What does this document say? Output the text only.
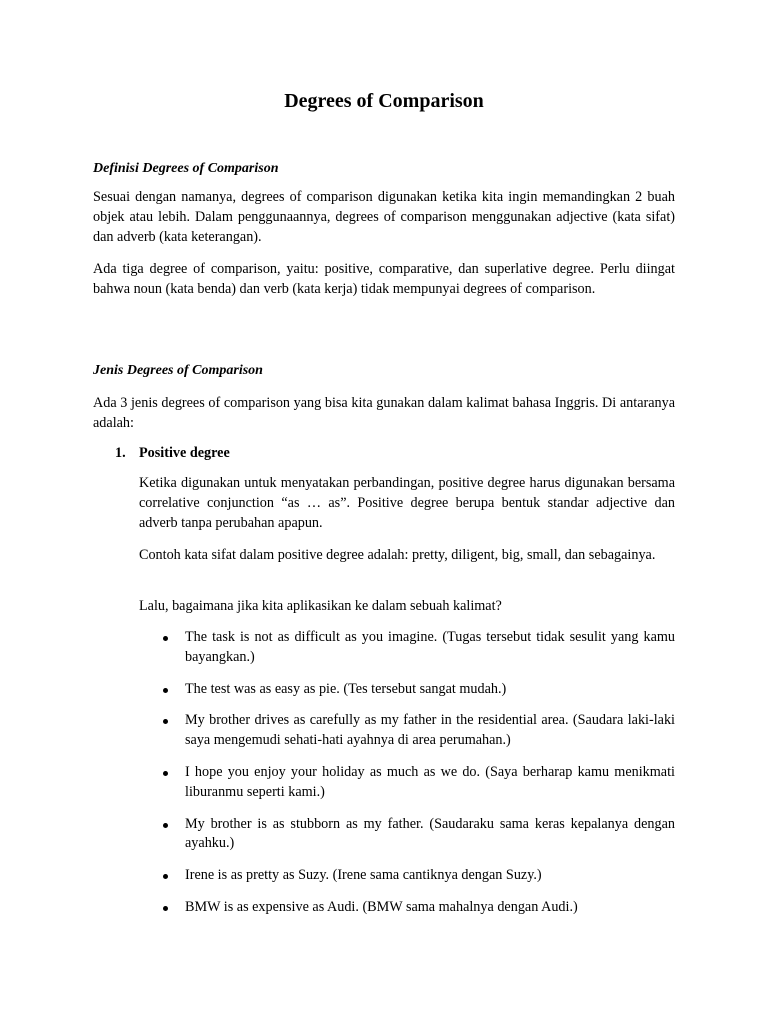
Degrees of Comparison
Definisi Degrees of Comparison

Sesuai dengan namanya, degrees of comparison digunakan ketika kita ingin memandingkan 2 buah objek atau lebih. Dalam penggunaannya, degrees of comparison menggunakan adjective (kata sifat) dan adverb (kata keterangan).

Ada tiga degree of comparison, yaitu: positive, comparative, dan superlative degree. Perlu diingat bahwa noun (kata benda) dan verb (kata kerja) tidak mempunyai degrees of comparison.

Jenis Degrees of Comparison

Ada 3 jenis degrees of comparison yang bisa kita gunakan dalam kalimat bahasa Inggris. Di antaranya adalah:

1. Positive degree

Ketika digunakan untuk menyatakan perbandingan, positive degree harus digunakan bersama correlative conjunction “as … as”. Positive degree berupa bentuk standar adjective dan adverb tanpa perubahan apapun.

Contoh kata sifat dalam positive degree adalah: pretty, diligent, big, small, dan sebagainya.

Lalu, bagaimana jika kita aplikasikan ke dalam sebuah kalimat?

The task is not as difficult as you imagine. (Tugas tersebut tidak sesulit yang kamu bayangkan.)
The test was as easy as pie. (Tes tersebut sangat mudah.)
My brother drives as carefully as my father in the residential area. (Saudara laki-laki saya mengemudi sehati-hati ayahnya di area perumahan.)
I hope you enjoy your holiday as much as we do. (Saya berharap kamu menikmati liburanmu seperti kami.)
My brother is as stubborn as my father. (Saudaraku sama keras kepalanya dengan ayahku.)
Irene is as pretty as Suzy. (Irene sama cantiknya dengan Suzy.)
BMW is as expensive as Audi. (BMW sama mahalnya dengan Audi.)
